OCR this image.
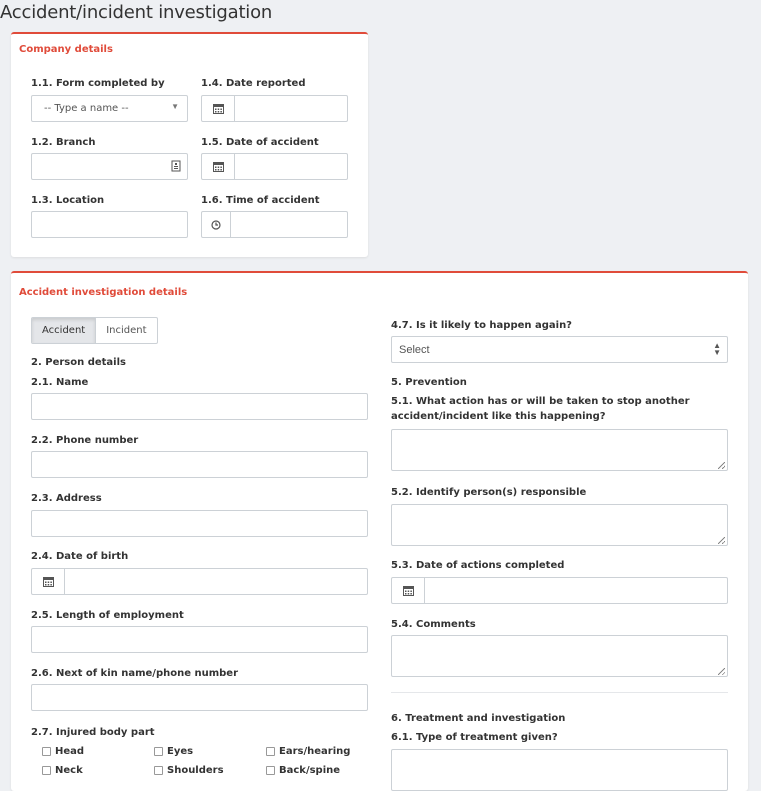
Accident/incident investigation
Company details
1.1. Form completed by
-- Type a name --	▼
1.2. Branch
1.3. Location
1.4. Date reported
1.5. Date of accident
1.6. Time of accident
Accident investigation details
Accident	Incident
2. Person details
2.1. Name
2.2. Phone number
2.3. Address
2.4. Date of birth
2.5. Length of employment
2.6. Next of kin name/phone number
2.7. Injured body part
Head	Eyes	Ears/hearing
Neck	Shoulders	Back/spine
4.7. Is it likely to happen again?
Select	▲
▼
5. Prevention
5.1. What action has or will be taken to stop another
accident/incident like this happening?
5.2. Identify person(s) responsible
5.3. Date of actions completed
5.4. Comments
6. Treatment and investigation
6.1. Type of treatment given?
